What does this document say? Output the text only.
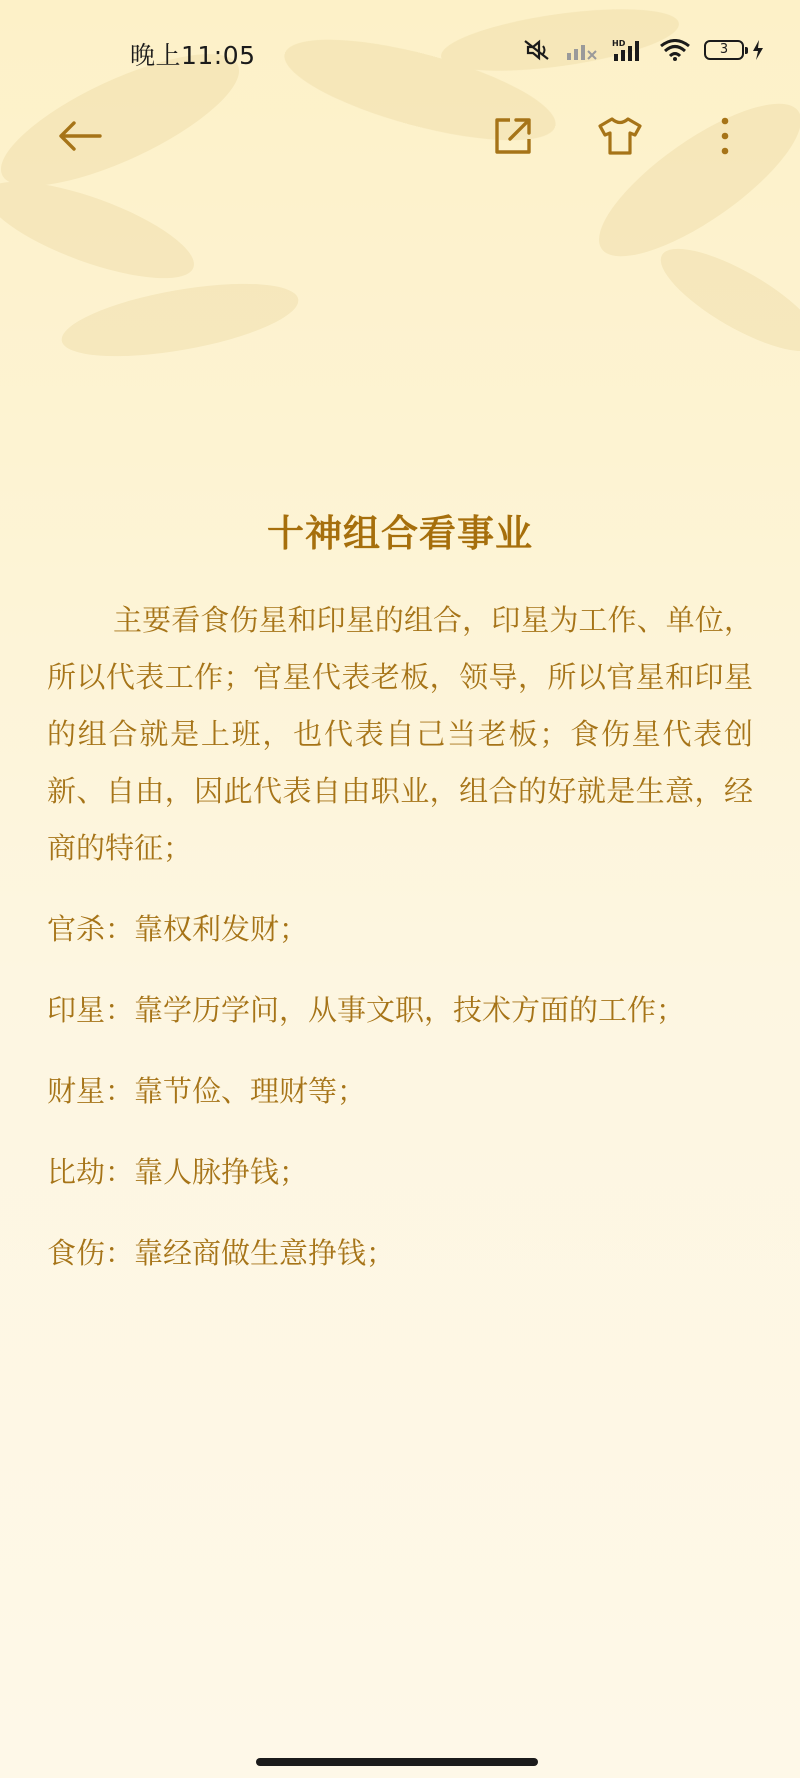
晚上11:05	HD	3
十神组合看事业

主要看食伤星和印星的组合，印星为工作、单位，所以代表工作；官星代表老板，领导，所以官星和印星的组合就是上班，也代表自己当老板；食伤星代表创新、自由，因此代表自由职业，组合的好就是生意，经商的特征；

官杀：靠权利发财；

印星：靠学历学问，从事文职，技术方面的工作；

财星：靠节俭、理财等；

比劫：靠人脉挣钱；

食伤：靠经商做生意挣钱；
